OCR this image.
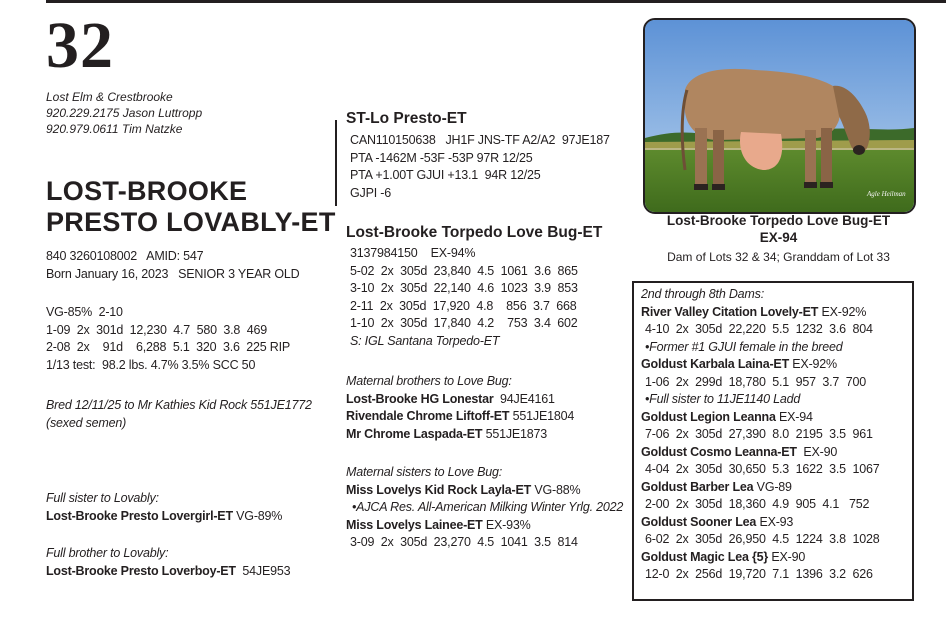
32
Lost Elm & Crestbrooke
920.229.2175 Jason Luttropp
920.979.0611 Tim Natzke
LOST-BROOKE
PRESTO LOVABLY-ET
840 3260108002   AMID: 547
Born January 16, 2023   SENIOR 3 YEAR OLD
VG-85%  2-10
1-09  2x  301d  12,230  4.7  580  3.8  469
2-08  2x    91d    6,288  5.1  320  3.6  225 RIP
1/13 test:  98.2 lbs. 4.7% 3.5% SCC 50
Bred 12/11/25 to Mr Kathies Kid Rock 551JE1772
(sexed semen)
Full sister to Lovably:
Lost-Brooke Presto Lovergirl-ET VG-89%
Full brother to Lovably:
Lost-Brooke Presto Loverboy-ET  54JE953
ST-Lo Presto-ET
CAN110150638   JH1F JNS-TF A2/A2  97JE187
PTA -1462M -53F -53P 97R 12/25
PTA +1.00T GJUI +13.1  94R 12/25
GJPI -6
Lost-Brooke Torpedo Love Bug-ET
3137984150    EX-94%
5-02  2x  305d  23,840  4.5  1061  3.6  865
3-10  2x  305d  22,140  4.6  1023  3.9  853
2-11  2x  305d  17,920  4.8    856  3.7  668
1-10  2x  305d  17,840  4.2    753  3.4  602
S: IGL Santana Torpedo-ET
Maternal brothers to Love Bug:
Lost-Brooke HG Lonestar  94JE4161
Rivendale Chrome Liftoff-ET 551JE1804
Mr Chrome Laspada-ET 551JE1873
Maternal sisters to Love Bug:
Miss Lovelys Kid Rock Layla-ET VG-88%
•AJCA Res. All-American Milking Winter Yrlg. 2022
Miss Lovelys Lainee-ET EX-93%
3-09  2x  305d  23,270  4.5  1041  3.5  814
Agle Heilman
Lost-Brooke Torpedo Love Bug-ET
EX-94
Dam of Lots 32 & 34; Granddam of Lot 33
2nd through 8th Dams:
River Valley Citation Lovely-ET EX-92%
4-10  2x  305d  22,220  5.5  1232  3.6  804
•Former #1 GJUI female in the breed
Goldust Karbala Laina-ET EX-92%
1-06  2x  299d  18,780  5.1  957  3.7  700
•Full sister to 11JE1140 Ladd
Goldust Legion Leanna EX-94
7-06  2x  305d  27,390  8.0  2195  3.5  961
Goldust Cosmo Leanna-ET  EX-90
4-04  2x  305d  30,650  5.3  1622  3.5  1067
Goldust Barber Lea VG-89
2-00  2x  305d  18,360  4.9  905  4.1   752
Goldust Sooner Lea EX-93
6-02  2x  305d  26,950  4.5  1224  3.8  1028
Goldust Magic Lea {5} EX-90
12-0  2x  256d  19,720  7.1  1396  3.2  626
